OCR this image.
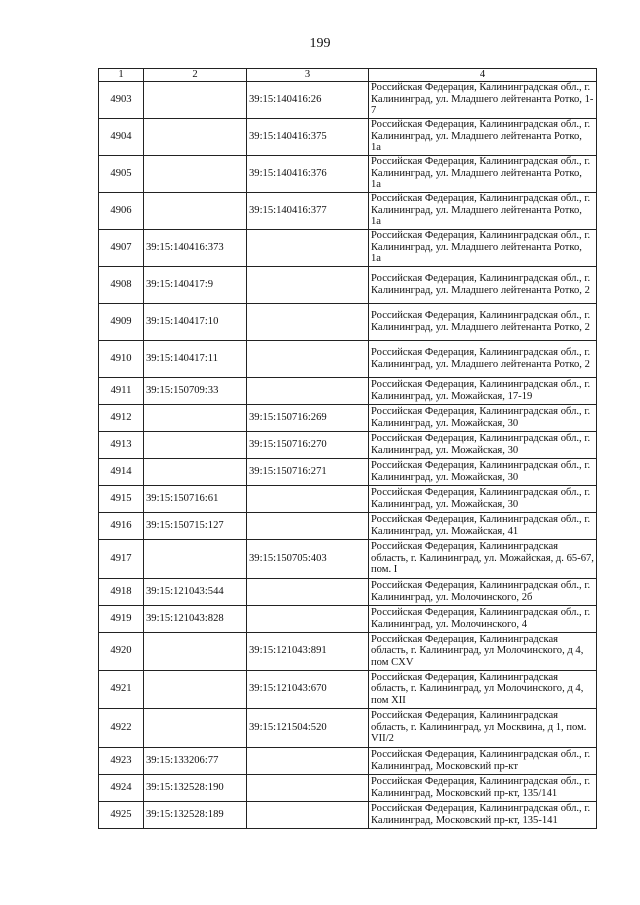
199
1	2	3	4
4903		39:15:140416:26	Российская Федерация, Калининградская обл., г. Калининград, ул. Младшего лейтенанта Ротко, 1-7
4904		39:15:140416:375	Российская Федерация, Калининградская обл., г. Калининград, ул. Младшего лейтенанта Ротко, 1а
4905		39:15:140416:376	Российская Федерация, Калининградская обл., г. Калининград, ул. Младшего лейтенанта Ротко, 1а
4906		39:15:140416:377	Российская Федерация, Калининградская обл., г. Калининград, ул. Младшего лейтенанта Ротко, 1а
4907	39:15:140416:373		Российская Федерация, Калининградская обл., г. Калининград, ул. Младшего лейтенанта Ротко, 1а
4908	39:15:140417:9		Российская Федерация, Калининградская обл., г. Калининград, ул. Младшего лейтенанта Ротко, 2
4909	39:15:140417:10		Российская Федерация, Калининградская обл., г. Калининград, ул. Младшего лейтенанта Ротко, 2
4910	39:15:140417:11		Российская Федерация, Калининградская обл., г. Калининград, ул. Младшего лейтенанта Ротко, 2
4911	39:15:150709:33		Российская Федерация, Калининградская обл., г. Калининград, ул. Можайская, 17-19
4912		39:15:150716:269	Российская Федерация, Калининградская обл., г. Калининград, ул. Можайская, 30
4913		39:15:150716:270	Российская Федерация, Калининградская обл., г. Калининград, ул. Можайская, 30
4914		39:15:150716:271	Российская Федерация, Калининградская обл., г. Калининград, ул. Можайская, 30
4915	39:15:150716:61		Российская Федерация, Калининградская обл., г. Калининград, ул. Можайская, 30
4916	39:15:150715:127		Российская Федерация, Калининградская обл., г. Калининград, ул. Можайская, 41
4917		39:15:150705:403	Российская Федерация, Калининградская область, г. Калининград, ул. Можайская, д. 65-67, пом. I
4918	39:15:121043:544		Российская Федерация, Калининградская обл., г. Калининград, ул. Молочинского, 2б
4919	39:15:121043:828		Российская Федерация, Калининградская обл., г. Калининград, ул. Молочинского, 4
4920		39:15:121043:891	Российская Федерация, Калининградская область, г. Калининград, ул Молочинского, д 4, пом CXV
4921		39:15:121043:670	Российская Федерация, Калининградская область, г. Калининград, ул Молочинского, д 4, пом XII
4922		39:15:121504:520	Российская Федерация, Калининградская область, г. Калининград, ул Москвина, д 1, пом. VII/2
4923	39:15:133206:77		Российская Федерация, Калининградская обл., г. Калининград, Московский пр-кт
4924	39:15:132528:190		Российская Федерация, Калининградская обл., г. Калининград, Московский пр-кт, 135/141
4925	39:15:132528:189		Российская Федерация, Калининградская обл., г. Калининград, Московский пр-кт, 135-141
